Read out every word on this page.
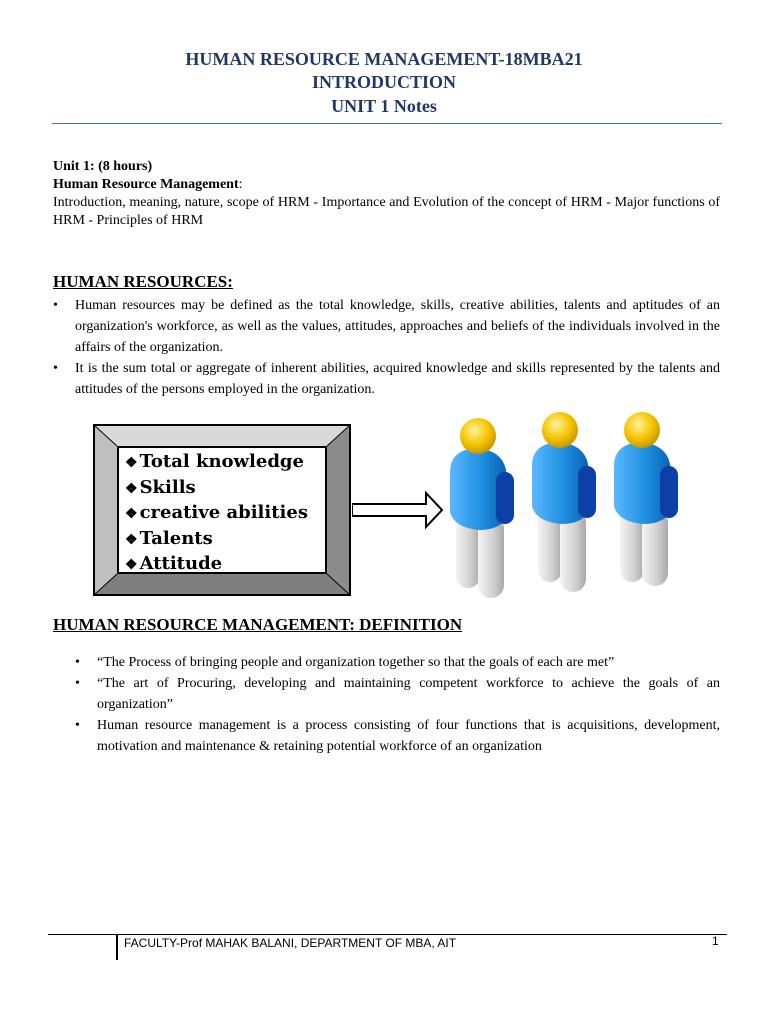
HUMAN RESOURCE MANAGEMENT-18MBA21
INTRODUCTION
UNIT 1 Notes
Unit 1: (8 hours)
Human Resource Management:
Introduction, meaning, nature, scope of HRM - Importance and Evolution of the concept of HRM - Major functions of HRM - Principles of HRM
HUMAN RESOURCES:
• Human resources may be defined as the total knowledge, skills, creative abilities, talents and aptitudes of an organization's workforce, as well as the values, attitudes, approaches and beliefs of the individuals involved in the affairs of the organization.
• It is the sum total or aggregate of inherent abilities, acquired knowledge and skills represented by the talents and attitudes of the persons employed in the organization.
❖ Total knowledge
❖ Skills
❖ creative abilities
❖ Talents
❖ Attitude
HUMAN RESOURCE MANAGEMENT: DEFINITION
• “The Process of bringing people and organization together so that the goals of each are met”
• “The art of Procuring, developing and maintaining competent workforce to achieve the goals of an organization”
• Human resource management is a process consisting of four functions that is acquisitions, development, motivation and maintenance & retaining potential workforce of an organization
FACULTY-Prof MAHAK BALANI, DEPARTMENT OF MBA, AIT	1
